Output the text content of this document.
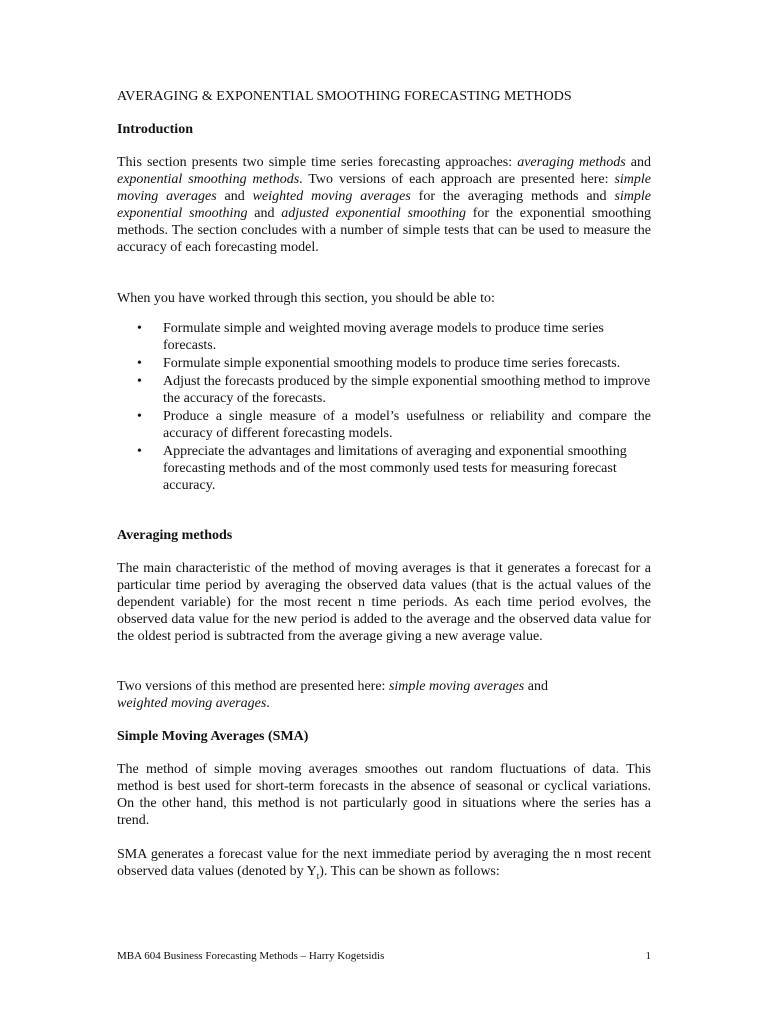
AVERAGING & EXPONENTIAL SMOOTHING FORECASTING METHODS
Introduction

This section presents two simple time series forecasting approaches: averaging methods and exponential smoothing methods. Two versions of each approach are presented here: simple moving averages and weighted moving averages for the averaging methods and simple exponential smoothing and adjusted exponential smoothing for the exponential smoothing methods. The section concludes with a number of simple tests that can be used to measure the accuracy of each forecasting model.

When you have worked through this section, you should be able to:

• Formulate simple and weighted moving average models to produce time series forecasts.
• Formulate simple exponential smoothing models to produce time series forecasts.
• Adjust the forecasts produced by the simple exponential smoothing method to improve the accuracy of the forecasts.
• Produce a single measure of a model’s usefulness or reliability and compare the accuracy of different forecasting models.
• Appreciate the advantages and limitations of averaging and exponential smoothing forecasting methods and of the most commonly used tests for measuring forecast accuracy.
Averaging methods

The main characteristic of the method of moving averages is that it generates a forecast for a particular time period by averaging the observed data values (that is the actual values of the dependent variable) for the most recent n time periods. As each time period evolves, the observed data value for the new period is added to the average and the observed data value for the oldest period is subtracted from the average giving a new average value.

Two versions of this method are presented here: simple moving averages and
weighted moving averages.

Simple Moving Averages (SMA)

The method of simple moving averages smoothes out random fluctuations of data. This method is best used for short-term forecasts in the absence of seasonal or cyclical variations. On the other hand, this method is not particularly good in situations where the series has a trend.

SMA generates a forecast value for the next immediate period by averaging the n most recent observed data values (denoted by $Y_t$). This can be shown as follows:

MBA 604 Business Forecasting Methods – Harry Kogetsidis	1
